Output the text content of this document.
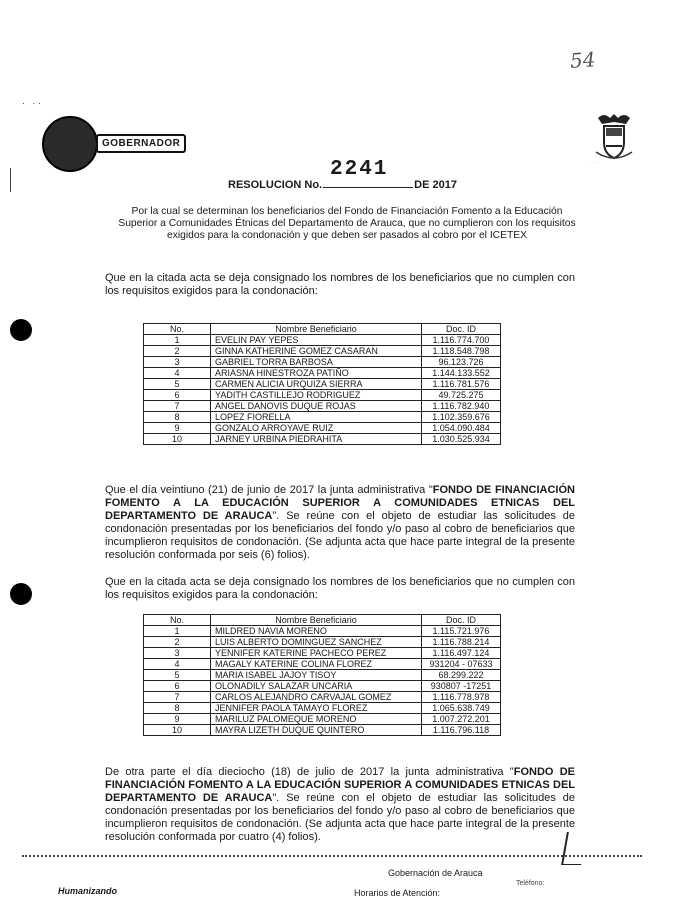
54
·   · ·
GOBERNADOR
· · ·
2241
RESOLUCION No.	DE 2017
Por la cual se determinan los beneficiarios del Fondo de Financiación Fomento a la Educación Superior a Comunidades Étnicas del Departamento de Arauca, que no cumplieron con los requisitos exigidos para la condonación y que deben ser pasados al cobro por el ICETEX
Que en la citada acta se deja consignado los nombres de los beneficiarios que no cumplen con los requisitos exigidos para la condonación:
No.	Nombre Beneficiario	Doc. ID
1	EVELIN PAY YEPES	1.116.774.700
2	GINNA KATHERINE GOMEZ CASARAN	1.118.548.798
3	GABRIEL TORRA BARBOSA	96.123.726
4	ARIASNA HINESTROZA PATIÑO	1.144.133.552
5	CARMEN ALICIA URQUIZA SIERRA	1.116.781.576
6	YADITH CASTILLEJO RODRIGUEZ	49.725.275
7	ANGEL DANOVIS DUQUE ROJAS	1.116.782.940
8	LOPEZ FIORELLA	1.102.359.676
9	GONZALO ARROYAVE RUIZ	1.054.090.484
10	JARNEY URBINA PIEDRAHITA	1.030.525.934
Que el día veintiuno (21) de junio de 2017 la junta administrativa "FONDO DE FINANCIACIÓN FOMENTO A LA EDUCACIÓN SUPERIOR A COMUNIDADES ETNICAS DEL DEPARTAMENTO DE ARAUCA". Se reúne con el objeto de estudiar las solicitudes de condonación presentadas por los beneficiarios del fondo y/o paso al cobro de beneficiarios que incumplieron requisitos de condonación. (Se adjunta acta que hace parte integral de la presente resolución conformada por seis (6) folios).
Que en la citada acta se deja consignado los nombres de los beneficiarios que no cumplen con los requisitos exigidos para la condonación:
No.	Nombre Beneficiario	Doc. ID
1	MILDRED NAVIA MORENO	1.115.721.976
2	LUIS ALBERTO DOMINGUEZ SANCHEZ	1.116.788.214
3	YENNIFER KATERINE PACHECO PEREZ	1.116.497.124
4	MAGALY KATERINE COLINA FLOREZ	931204 - 07633
5	MARIA ISABEL JAJOY TISOY	68.299.222
6	OLONADILY SALAZAR UNCARIA	930807 -17251
7	CARLOS ALEJANDRO CARVAJAL GOMEZ	1.116.778.978
8	JENNIFER PAOLA TAMAYO FLOREZ	1.065.638.749
9	MARILUZ PALOMEQUE MORENO	1.007.272.201
10	MAYRA LIZETH DUQUE QUINTERO	1.116.796.118
De otra parte el día dieciocho (18) de julio de 2017 la junta administrativa "FONDO DE FINANCIACIÓN FOMENTO A LA EDUCACIÓN SUPERIOR A COMUNIDADES ETNICAS DEL DEPARTAMENTO DE ARAUCA". Se reúne con el objeto de estudiar las solicitudes de condonación presentadas por los beneficiarios del fondo y/o paso al cobro de beneficiarios que incumplieron requisitos de condonación. (Se adjunta acta que hace parte integral de la presente resolución conformada por cuatro (4) folios).
Gobernación de Arauca
Teléfono:
Horarios de Atención:
Humanizando
